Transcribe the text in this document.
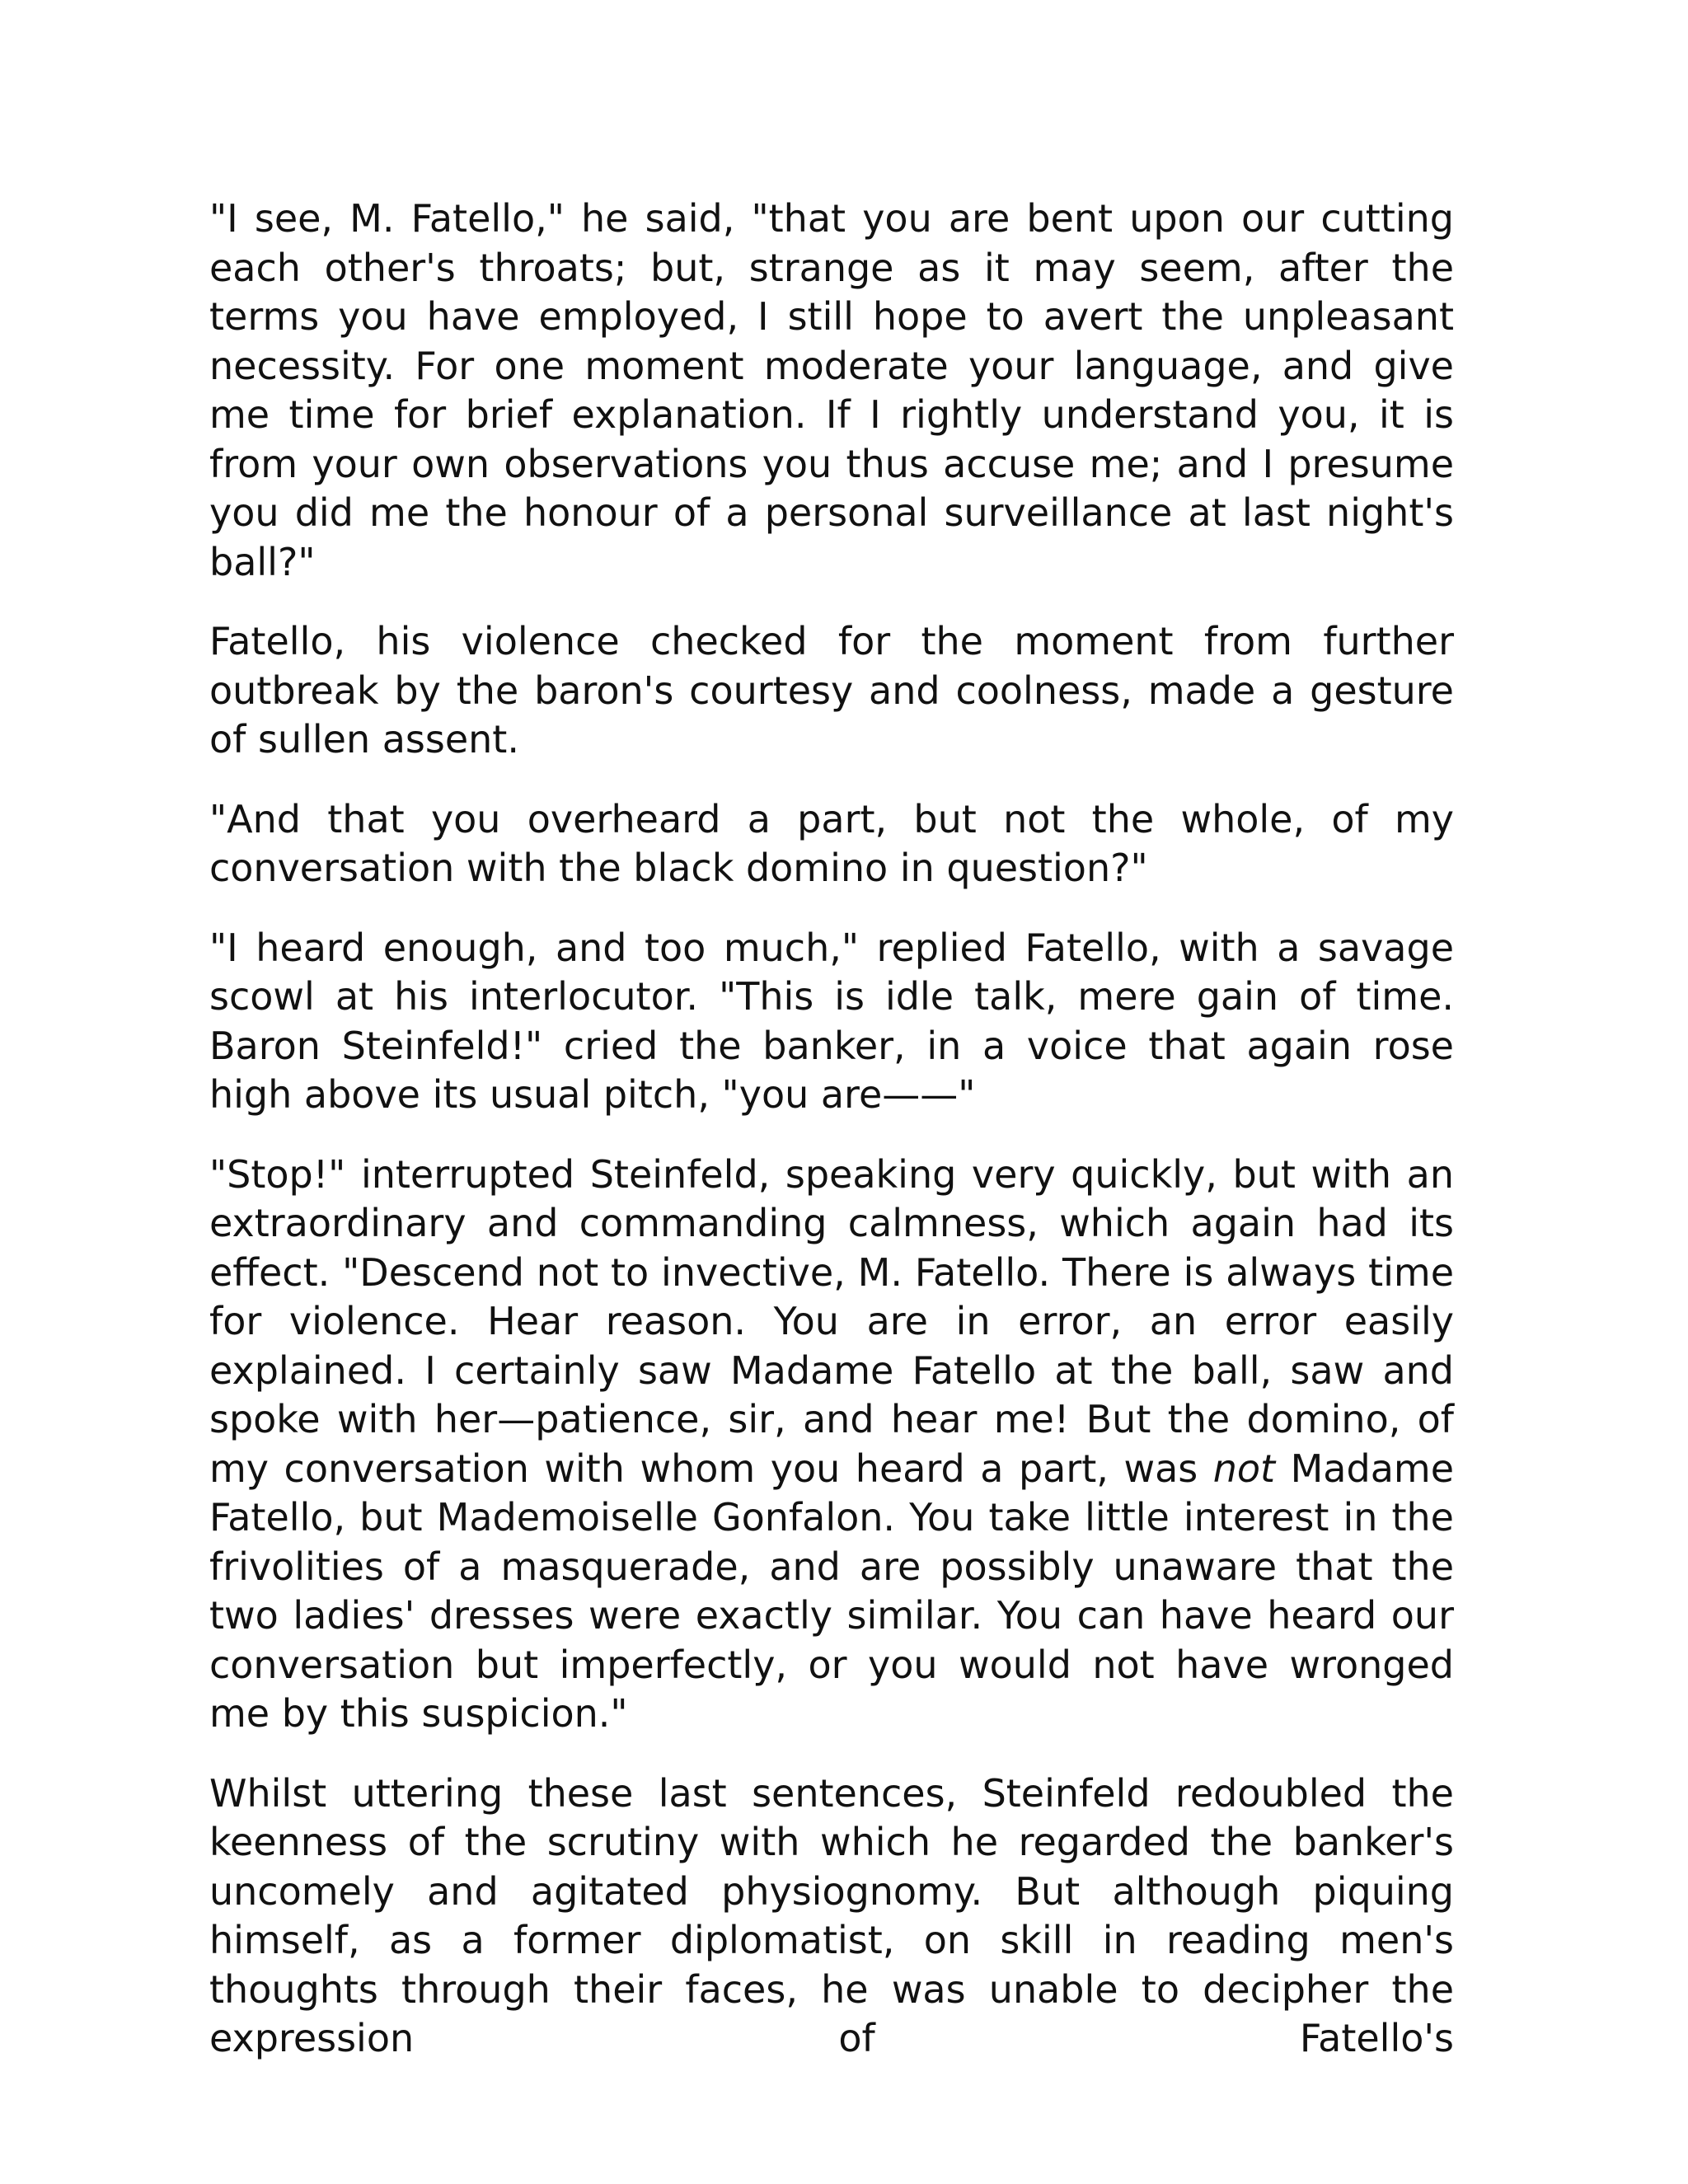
"I see, M. Fatello," he said, "that you are bent upon our cutting each other's throats; but, strange as it may seem, after the terms you have employed, I still hope to avert the unpleasant necessity. For one moment moderate your language, and give me time for brief explanation. If I rightly understand you, it is from your own observations you thus accuse me; and I presume you did me the honour of a personal surveillance at last night's ball?"

Fatello, his violence checked for the moment from further outbreak by the baron's courtesy and coolness, made a gesture of sullen assent.

"And that you overheard a part, but not the whole, of my conversation with the black domino in question?"

"I heard enough, and too much," replied Fatello, with a savage scowl at his interlocutor. "This is idle talk, mere gain of time. Baron Steinfeld!" cried the banker, in a voice that again rose high above its usual pitch, "you are——"

"Stop!" interrupted Steinfeld, speaking very quickly, but with an extraordinary and commanding calmness, which again had its effect. "Descend not to invective, M. Fatello. There is always time for violence. Hear reason. You are in error, an error easily explained. I certainly saw Madame Fatello at the ball, saw and spoke with her—patience, sir, and hear me! But the domino, of my conversation with whom you heard a part, was not Madame Fatello, but Mademoiselle Gonfalon. You take little interest in the frivolities of a masquerade, and are possibly unaware that the two ladies' dresses were exactly similar. You can have heard our conversation but imperfectly, or you would not have wronged me by this suspicion."

Whilst uttering these last sentences, Steinfeld redoubled the keenness of the scrutiny with which he regarded the banker's uncomely and agitated physiognomy. But although piquing himself, as a former diplomatist, on skill in reading men's thoughts through their faces, he was unable to decipher the expression of Fatello's
